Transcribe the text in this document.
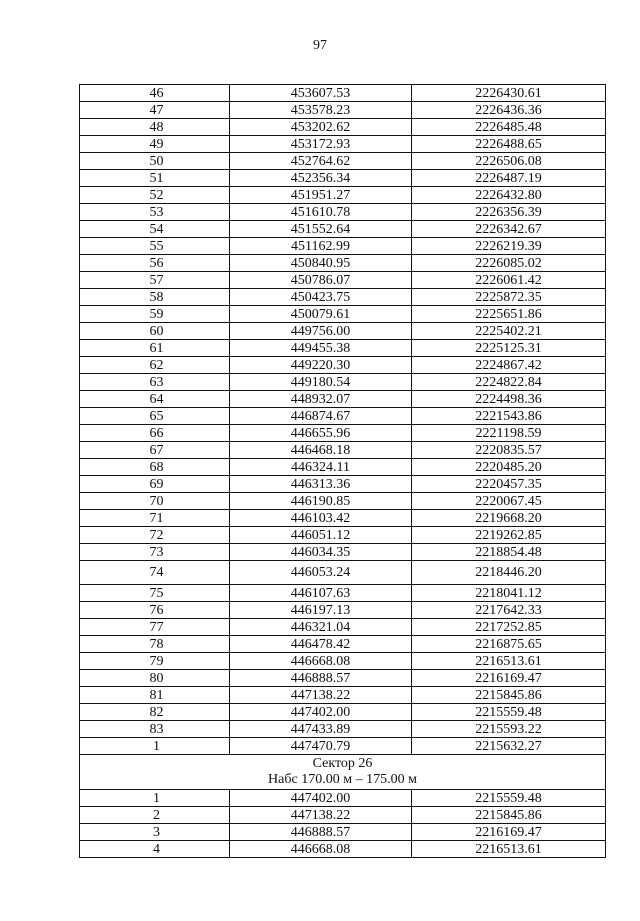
97
46	453607.53	2226430.61
47	453578.23	2226436.36
48	453202.62	2226485.48
49	453172.93	2226488.65
50	452764.62	2226506.08
51	452356.34	2226487.19
52	451951.27	2226432.80
53	451610.78	2226356.39
54	451552.64	2226342.67
55	451162.99	2226219.39
56	450840.95	2226085.02
57	450786.07	2226061.42
58	450423.75	2225872.35
59	450079.61	2225651.86
60	449756.00	2225402.21
61	449455.38	2225125.31
62	449220.30	2224867.42
63	449180.54	2224822.84
64	448932.07	2224498.36
65	446874.67	2221543.86
66	446655.96	2221198.59
67	446468.18	2220835.57
68	446324.11	2220485.20
69	446313.36	2220457.35
70	446190.85	2220067.45
71	446103.42	2219668.20
72	446051.12	2219262.85
73	446034.35	2218854.48
74	446053.24	2218446.20
75	446107.63	2218041.12
76	446197.13	2217642.33
77	446321.04	2217252.85
78	446478.42	2216875.65
79	446668.08	2216513.61
80	446888.57	2216169.47
81	447138.22	2215845.86
82	447402.00	2215559.48
83	447433.89	2215593.22
1	447470.79	2215632.27

Сектор 26
Набс 170.00 м – 175.00 м		

1	447402.00	2215559.48
2	447138.22	2215845.86
3	446888.57	2216169.47
4	446668.08	2216513.61
